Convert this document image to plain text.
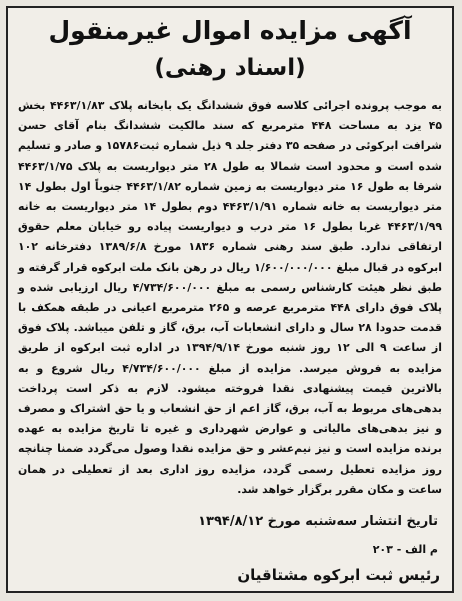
آگهی مزایده اموال غیرمنقول
(اسناد رهنی)
به موجب پرونده اجرائی کلاسه فوق ششدانگ یک بابخانه پلاک ۴۴۶۳/۱/۸۳ بخش ۴۵ یزد به مساحت ۴۴۸ مترمربع که سند مالکیت ششدانگ بنام آقای حسن شرافت ابرکوئی در صفحه ۳۵ دفتر جلد ۹ ذیل شماره ثبت۱۵۷۸۶ و صادر و تسلیم شده است و محدود است شمالا به طول ۲۸ متر دیواریست به پلاک ۴۴۶۳/۱/۷۵ شرقا به طول ۱۶ متر دیواریست به زمین شماره ۴۴۶۳/۱/۸۲ جنوباً اول بطول ۱۴ متر دیواریست به خانه شماره ۴۴۶۳/۱/۹۱ دوم بطول ۱۴ متر دیواریست به خانه ۴۴۶۳/۱/۹۹ غربا بطول ۱۶ متر درب و دیواریست پیاده رو خیابان معلم حقوق ارتفاقی ندارد. طبق سند رهنی شماره ۱۸۳۶ مورخ ۱۳۸۹/۶/۸ دفترخانه ۱۰۲ ابرکوه در قبال مبلغ ۱/۶۰۰/۰۰۰/۰۰۰ ریال در رهن بانک ملت ابرکوه قرار گرفته و طبق نظر هیئت کارشناس رسمی به مبلغ ۴/۷۳۴/۶۰۰/۰۰۰ ریال ارزیابی شده و پلاک فوق دارای ۴۴۸ مترمربع عرصه و ۲۶۵ مترمربع اعیانی در طبقه همکف با قدمت حدودا ۲۸ سال و دارای انشعابات آب، برق، گاز و تلفن میباشد. پلاک فوق از ساعت ۹ الی ۱۲ روز شنبه مورخ ۱۳۹۴/۹/۱۴ در اداره ثبت ابرکوه از طریق مزایده به فروش میرسد. مزایده از مبلغ ۴/۷۳۴/۶۰۰/۰۰۰ ریال شروع و به بالاترین قیمت پیشنهادی نقدا فروخته میشود. لازم به ذکر است پرداخت بدهی‌های مربوط به آب، برق، گاز اعم از حق انشعاب و یا حق اشتراک و مصرف و نیز بدهی‌های مالیاتی و عوارض شهرداری و غیره تا تاریخ مزایده به عهده برنده مزایده است و نیز نیم‌عشر و حق مزایده نقدا وصول می‌گردد ضمنا چنانچه روز مزایده تعطیل رسمی گردد، مزایده روز اداری بعد از تعطیلی در همان ساعت و مکان مقرر برگزار خواهد شد.
تاریخ انتشار سه‌شنبه مورخ ۱۳۹۴/۸/۱۲
م الف - ۲۰۳
رئیس ثبت ابرکوه مشتاقیان
